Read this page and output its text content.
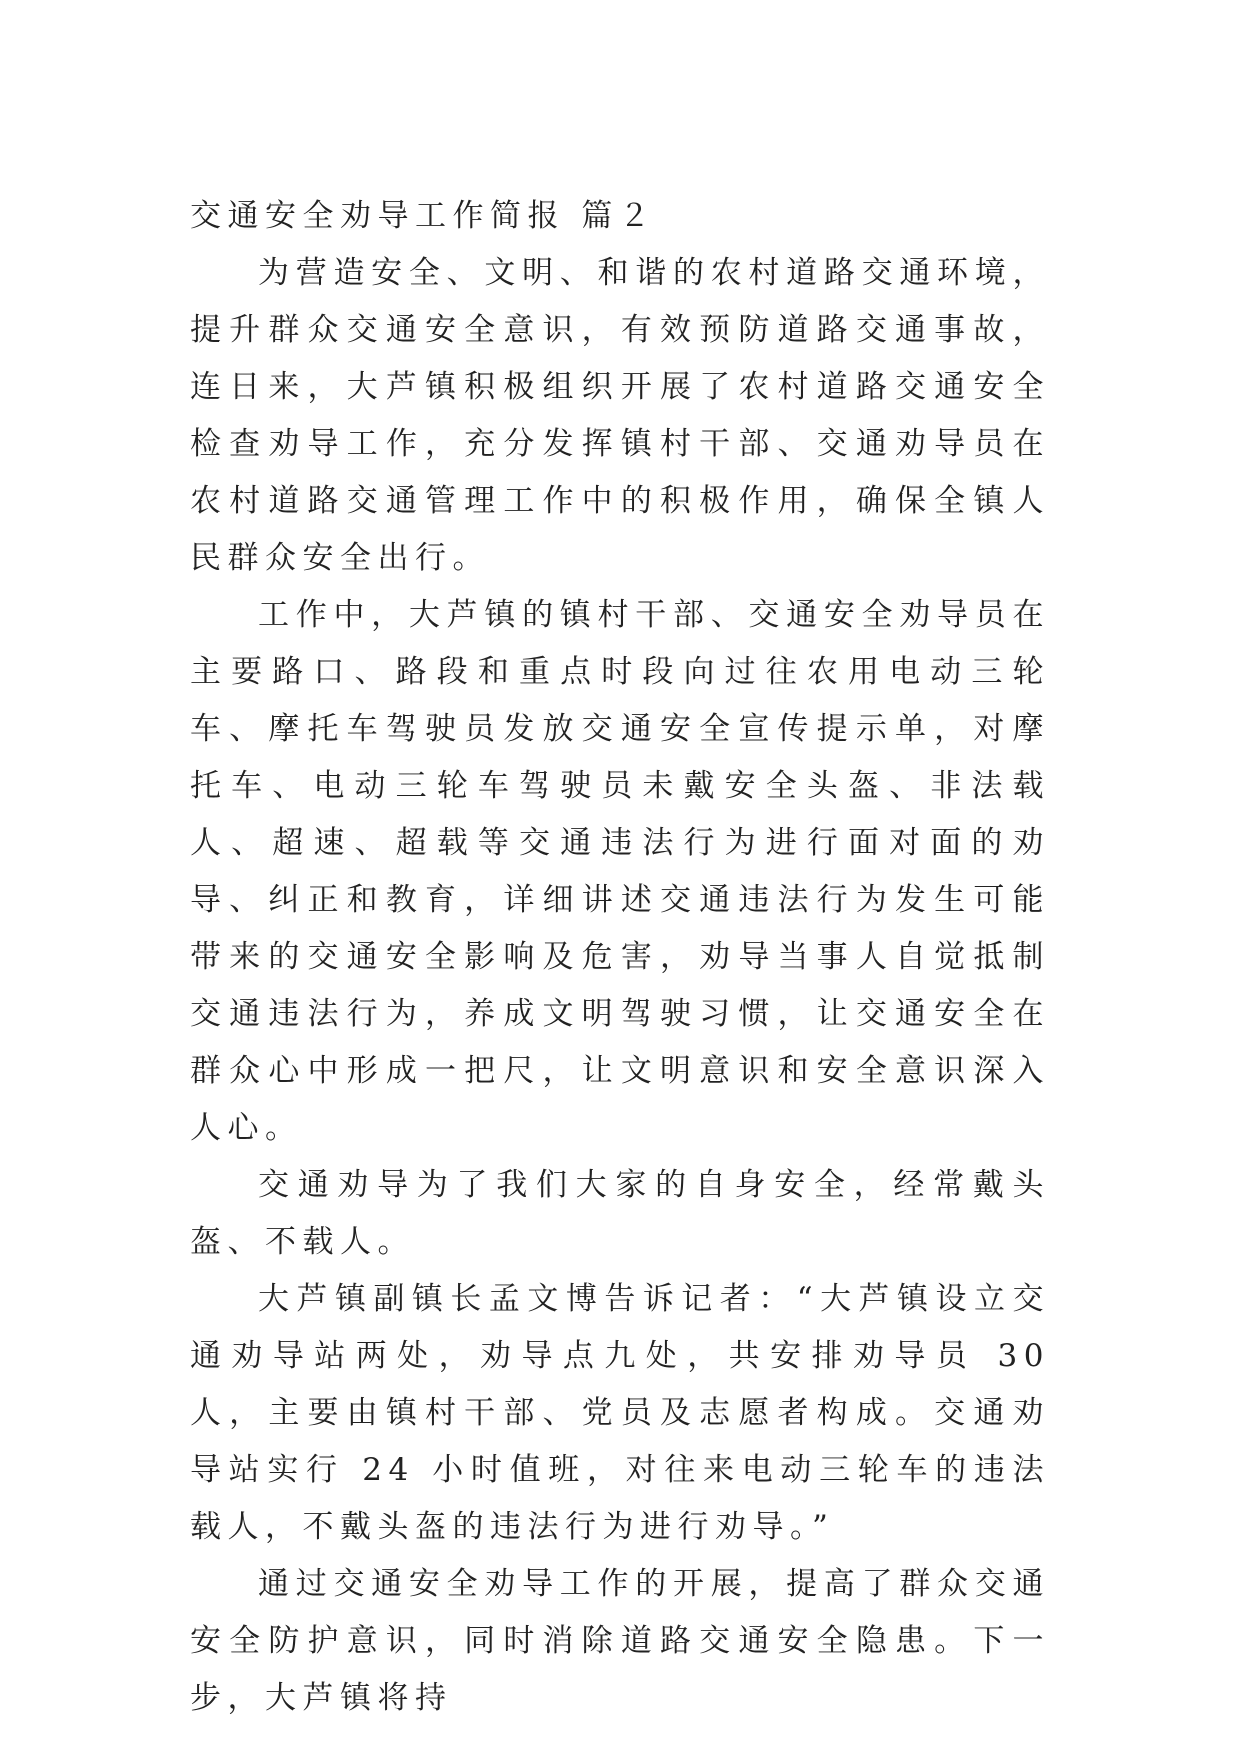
交通安全劝导工作简报 篇２

为营造安全、文明、和谐的农村道路交通环境，提升群众交通安全意识，有效预防道路交通事故，连日来，大芦镇积极组织开展了农村道路交通安全检查劝导工作，充分发挥镇村干部、交通劝导员在农村道路交通管理工作中的积极作用，确保全镇人民群众安全出行。

工作中，大芦镇的镇村干部、交通安全劝导员在主要路口、路段和重点时段向过往农用电动三轮车、摩托车驾驶员发放交通安全宣传提示单，对摩托车、电动三轮车驾驶员未戴安全头盔、非法载人、超速、超载等交通违法行为进行面对面的劝导、纠正和教育，详细讲述交通违法行为发生可能带来的交通安全影响及危害，劝导当事人自觉抵制交通违法行为，养成文明驾驶习惯，让交通安全在群众心中形成一把尺，让文明意识和安全意识深入人心。

交通劝导为了我们大家的自身安全，经常戴头盔、不载人。

大芦镇副镇长孟文博告诉记者：“大芦镇设立交通劝导站两处，劝导点九处，共安排劝导员 30 人，主要由镇村干部、党员及志愿者构成。交通劝导站实行 24 小时值班，对往来电动三轮车的违法载人，不戴头盔的违法行为进行劝导。”

通过交通安全劝导工作的开展，提高了群众交通安全防护意识，同时消除道路交通安全隐患。下一步，大芦镇将持
